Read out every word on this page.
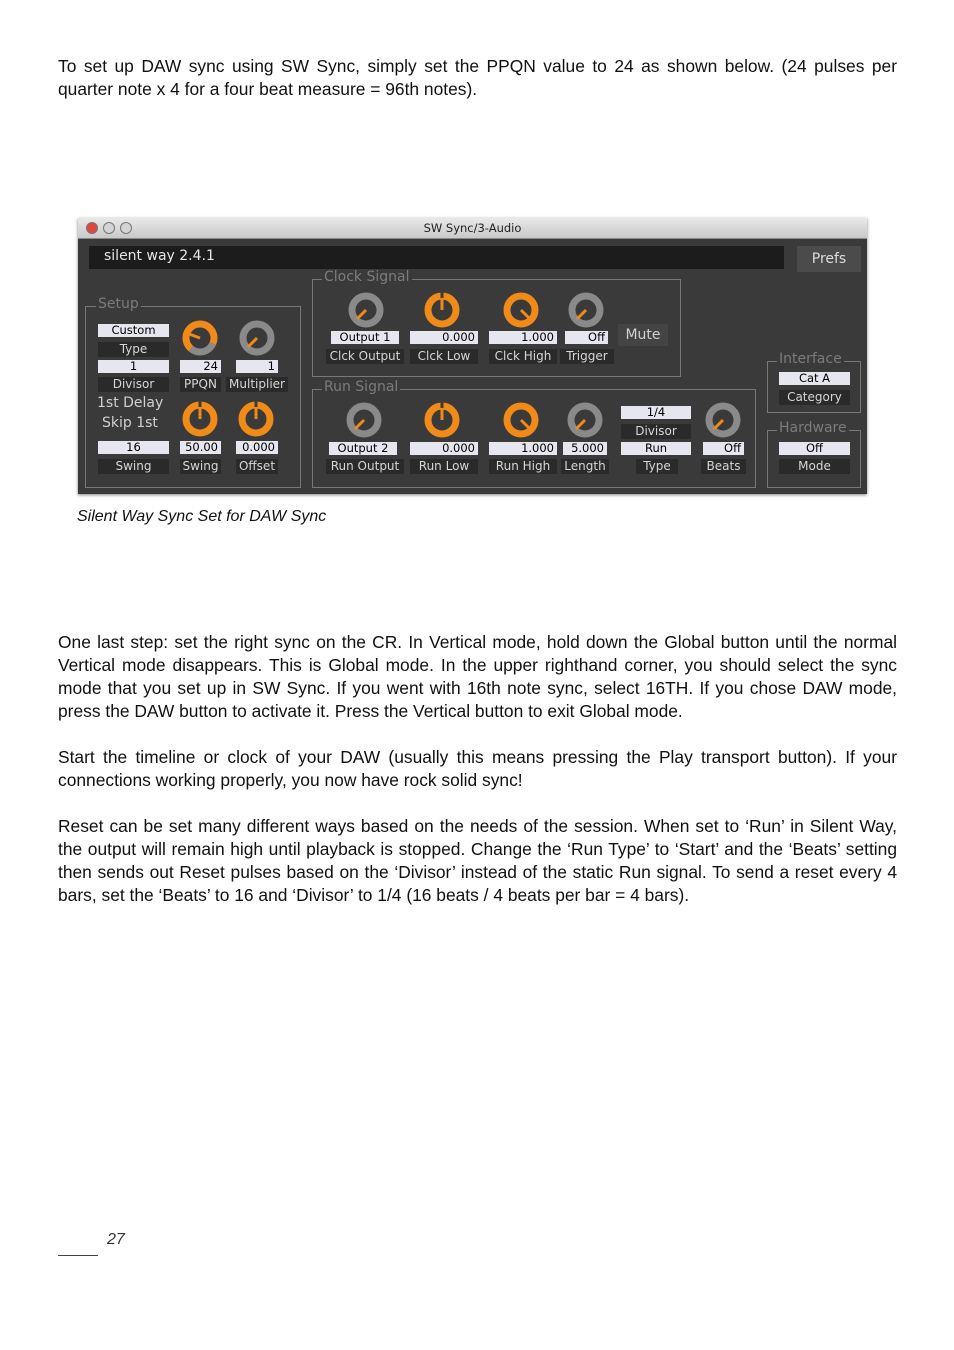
To set up DAW sync using SW Sync, simply set the PPQN value to 24 as shown below. (24 pulses per quarter note x 4 for a four beat measure = 96th notes).

SW Sync/3-Audio
silent way 2.4.1	Prefs
Setup
Custom
Type
1
Divisor
24
PPQN
1
Multiplier
1st Delay
Skip 1st
16
Swing
50.00
Swing
0.000
Offset
Clock Signal
Output 1
Clck Output
0.000
Clck Low
1.000
Clck High
Off
Trigger
Mute
Run Signal
1/4
Divisor
Output 2
Run Output
0.000
Run Low
1.000
Run High
5.000
Length
Run
Type
Off
Beats
Interface
Cat A
Category
Hardware
Off
Mode

Silent Way Sync Set for DAW Sync

One last step: set the right sync on the CR. In Vertical mode, hold down the Global button until the normal Vertical mode disappears. This is Global mode. In the upper righthand corner, you should select the sync mode that you set up in SW Sync. If you went with 16th note sync, select 16TH. If you chose DAW mode, press the DAW button to activate it. Press the Vertical button to exit Global mode.

Start the timeline or clock of your DAW (usually this means pressing the Play transport button). If your connections working properly, you now have rock solid sync!

Reset can be set many different ways based on the needs of the session. When set to ‘Run’ in Silent Way, the output will remain high until playback is stopped. Change the ‘Run Type’ to ‘Start’ and the ‘Beats’ setting then sends out Reset pulses based on the ‘Divisor’ instead of the static Run signal. To send a reset every 4 bars, set the ‘Beats’ to 16 and ‘Divisor’ to 1/4 (16 beats / 4 beats per bar = 4 bars).

27
